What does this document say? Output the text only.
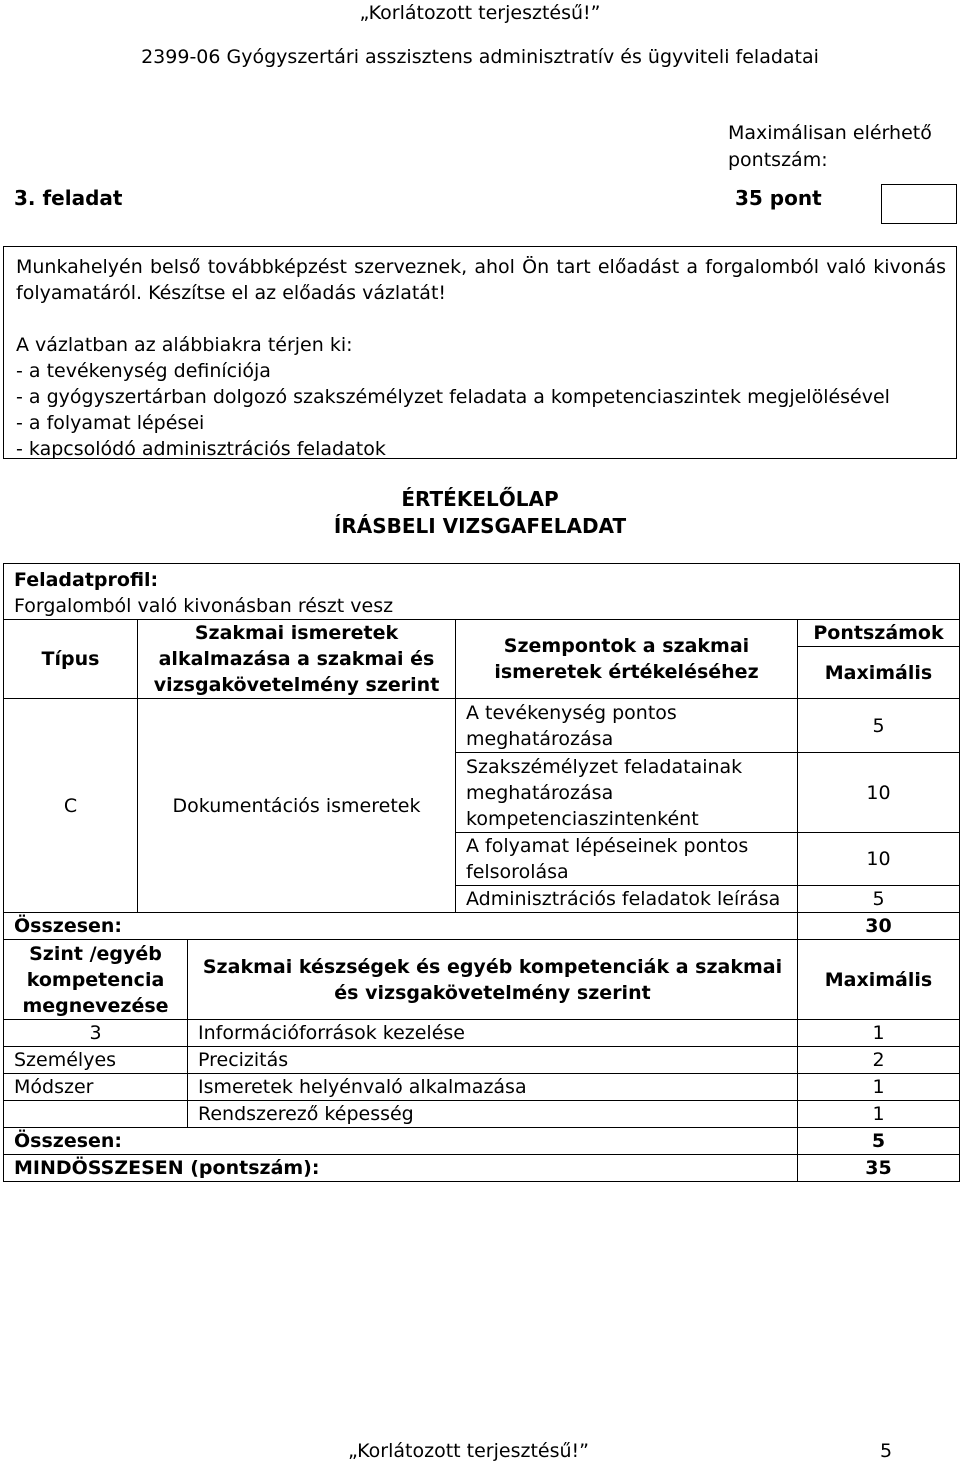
„Korlátozott terjesztésű!”
2399-06 Gyógyszertári asszisztens adminisztratív és ügyviteli feladatai
Maximálisan elérhető
pontszám:
3. feladat	35 pont
Munkahelyén belső továbbképzést szerveznek, ahol Ön tart előadást a forgalomból való kivonás folyamatáról. Készítse el az előadás vázlatát!
A vázlatban az alábbiakra térjen ki:
- a tevékenység definíciója
- a gyógyszertárban dolgozó szakszémélyzet feladata a kompetenciaszintek megjelölésével
- a folyamat lépései
- kapcsolódó adminisztrációs feladatok
ÉRTÉKELŐLAP
ÍRÁSBELI VIZSGAFELADAT
Feladatprofil:
Forgalomból való kivonásban részt vesz				

Típus	Szakmai ismeretek alkalmazása a szakmai és vizsgakövetelmény szerint		Szempontok a szakmai ismeretek értékeléséhez	Pontszámok
				Maximális
C	Dokumentációs ismeretek		A tevékenység pontos meghatározása	5
			Szakszémélyzet feladatainak meghatározása kompetenciaszintenként	10
			A folyamat lépéseinek pontos felsorolása	10
			Adminisztrációs feladatok leírása	5
Összesen:				30
Szint /egyéb kompetencia megnevezése		Szakmai készségek és egyéb kompetenciák a szakmai és vizsgakövetelmény szerint		Maximális
3		Információforrások kezelése		1
Személyes		Precizitás		2
Módszer		Ismeretek helyénvaló alkalmazása		1
		Rendszerező képesség		1
Összesen:				5
MINDÖSSZESEN (pontszám):				35
„Korlátozott terjesztésű!”	5
